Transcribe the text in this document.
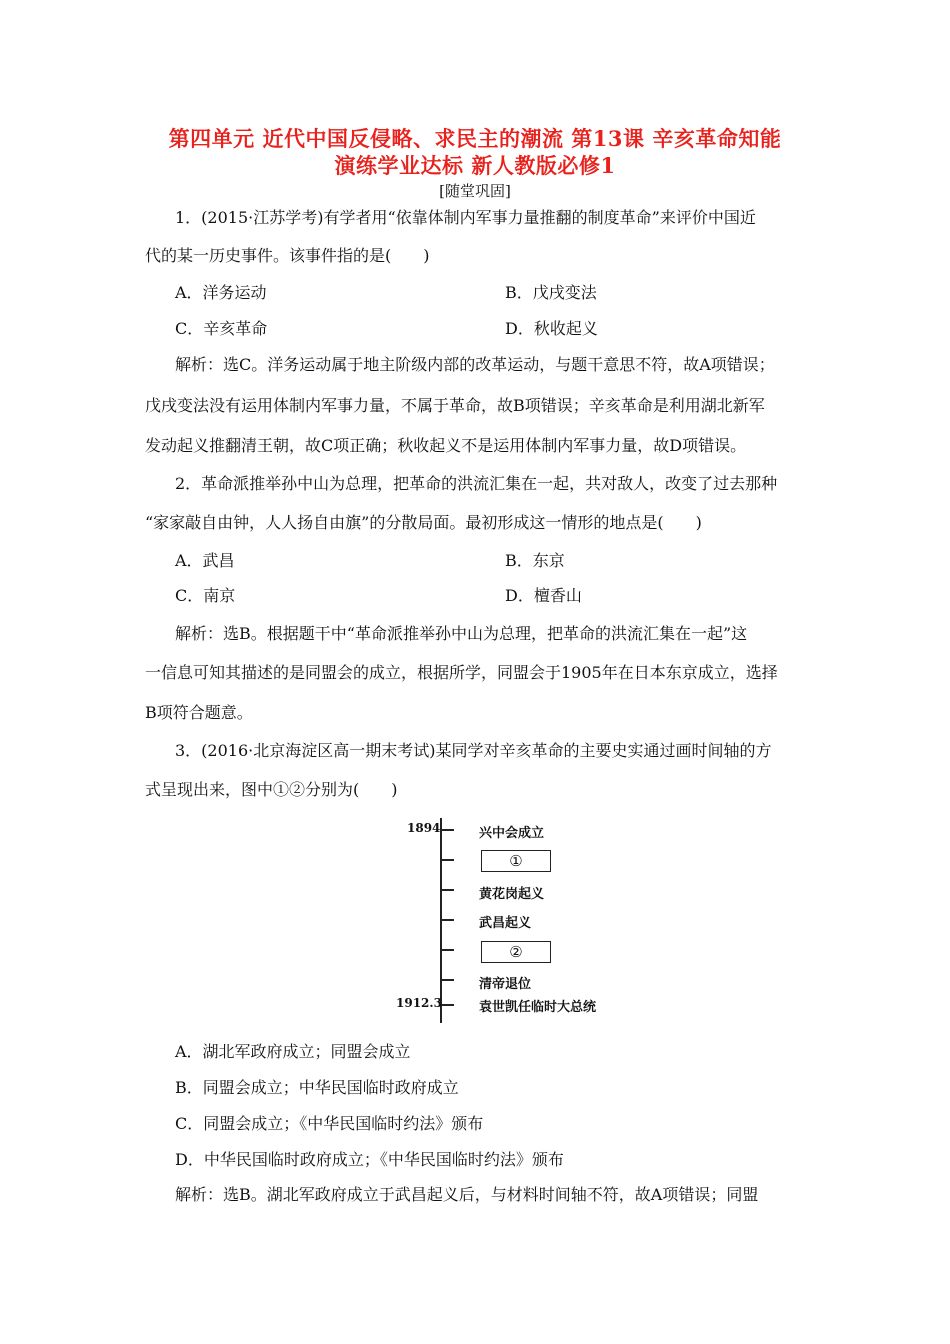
第四单元 近代中国反侵略、求民主的潮流 第13课 辛亥革命知能
演练学业达标 新人教版必修1
[随堂巩固]
1．(2015·江苏学考)有学者用“依靠体制内军事力量推翻的制度革命”来评价中国近
代的某一历史事件。该事件指的是(　　)
A．洋务运动	B．戊戌变法
C．辛亥革命	D．秋收起义
解析：选C。洋务运动属于地主阶级内部的改革运动，与题干意思不符，故A项错误；
戊戌变法没有运用体制内军事力量，不属于革命，故B项错误；辛亥革命是利用湖北新军
发动起义推翻清王朝，故C项正确；秋收起义不是运用体制内军事力量，故D项错误。
2．革命派推举孙中山为总理，把革命的洪流汇集在一起，共对敌人，改变了过去那种
“家家敲自由钟，人人扬自由旗”的分散局面。最初形成这一情形的地点是(　　)
A．武昌	B．东京
C．南京	D．檀香山
解析：选B。根据题干中“革命派推举孙中山为总理，把革命的洪流汇集在一起”这
一信息可知其描述的是同盟会的成立，根据所学，同盟会于1905年在日本东京成立，选择
B项符合题意。
3．(2016·北京海淀区高一期末考试)某同学对辛亥革命的主要史实通过画时间轴的方
式呈现出来，图中①②分别为(　　)
1894
1912.3
兴中会成立
①
黄花岗起义
武昌起义
②
清帝退位
袁世凯任临时大总统
A．湖北军政府成立；同盟会成立
B．同盟会成立；中华民国临时政府成立
C．同盟会成立；《中华民国临时约法》颁布
D．中华民国临时政府成立；《中华民国临时约法》颁布
解析：选B。湖北军政府成立于武昌起义后，与材料时间轴不符，故A项错误；同盟
